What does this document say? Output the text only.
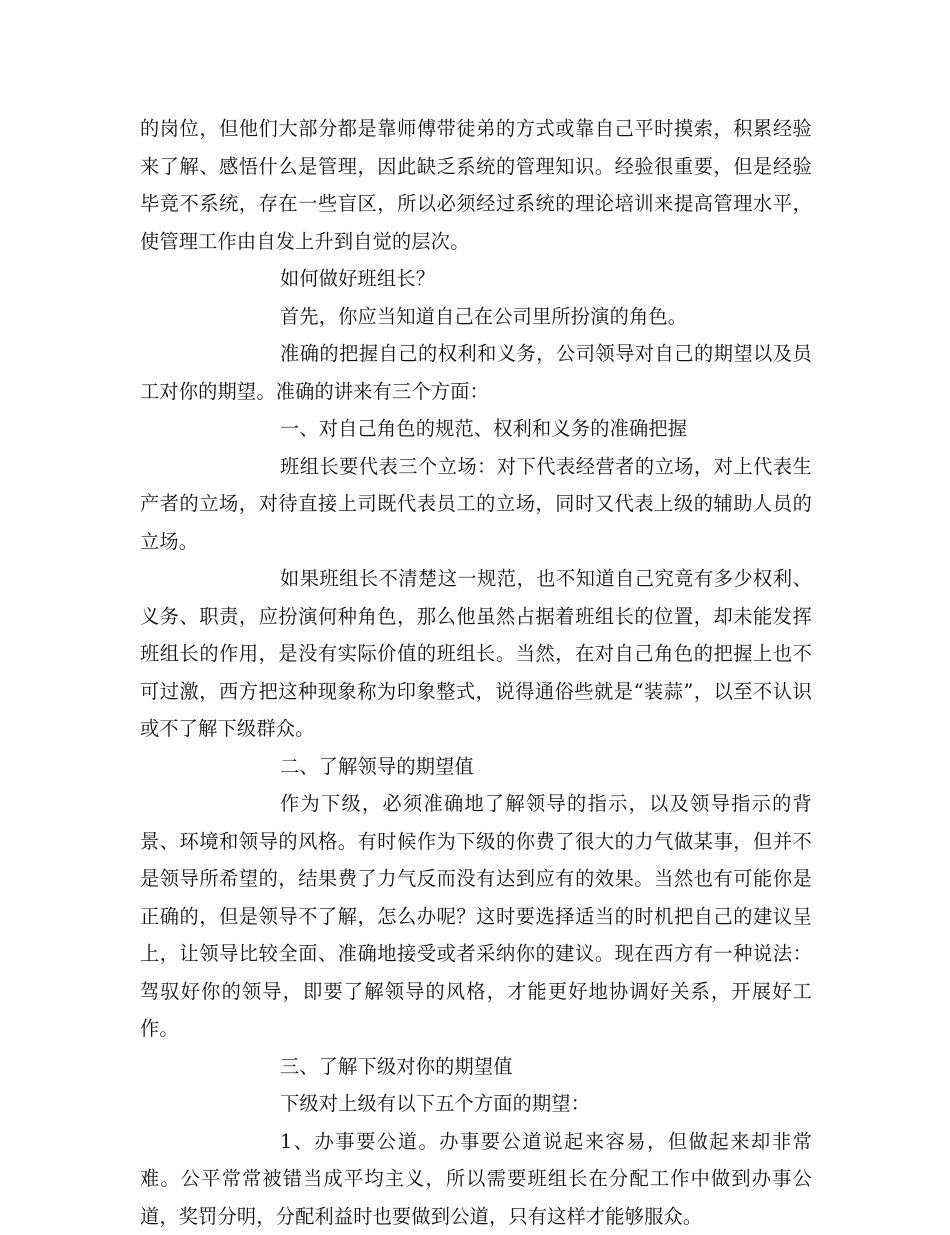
的岗位，但他们大部分都是靠师傅带徒弟的方式或靠自己平时摸索，积累经验来了解、感悟什么是管理，因此缺乏系统的管理知识。经验很重要，但是经验毕竟不系统，存在一些盲区，所以必须经过系统的理论培训来提高管理水平，使管理工作由自发上升到自觉的层次。

如何做好班组长？

首先，你应当知道自己在公司里所扮演的角色。

准确的把握自己的权利和义务，公司领导对自己的期望以及员工对你的期望。准确的讲来有三个方面：

一、对自己角色的规范、权利和义务的准确把握

班组长要代表三个立场：对下代表经营者的立场，对上代表生产者的立场，对待直接上司既代表员工的立场，同时又代表上级的辅助人员的立场。

如果班组长不清楚这一规范，也不知道自己究竟有多少权利、义务、职责，应扮演何种角色，那么他虽然占据着班组长的位置，却未能发挥班组长的作用，是没有实际价值的班组长。当然，在对自己角色的把握上也不可过激，西方把这种现象称为印象整式，说得通俗些就是“装蒜”，以至不认识或不了解下级群众。

二、了解领导的期望值

作为下级，必须准确地了解领导的指示，以及领导指示的背景、环境和领导的风格。有时候作为下级的你费了很大的力气做某事，但并不是领导所希望的，结果费了力气反而没有达到应有的效果。当然也有可能你是正确的，但是领导不了解，怎么办呢？这时要选择适当的时机把自己的建议呈上，让领导比较全面、准确地接受或者采纳你的建议。现在西方有一种说法：驾驭好你的领导，即要了解领导的风格，才能更好地协调好关系，开展好工作。

三、了解下级对你的期望值

下级对上级有以下五个方面的期望：

1、办事要公道。办事要公道说起来容易，但做起来却非常难。公平常常被错当成平均主义，所以需要班组长在分配工作中做到办事公道，奖罚分明，分配利益时也要做到公道，只有这样才能够服众。
